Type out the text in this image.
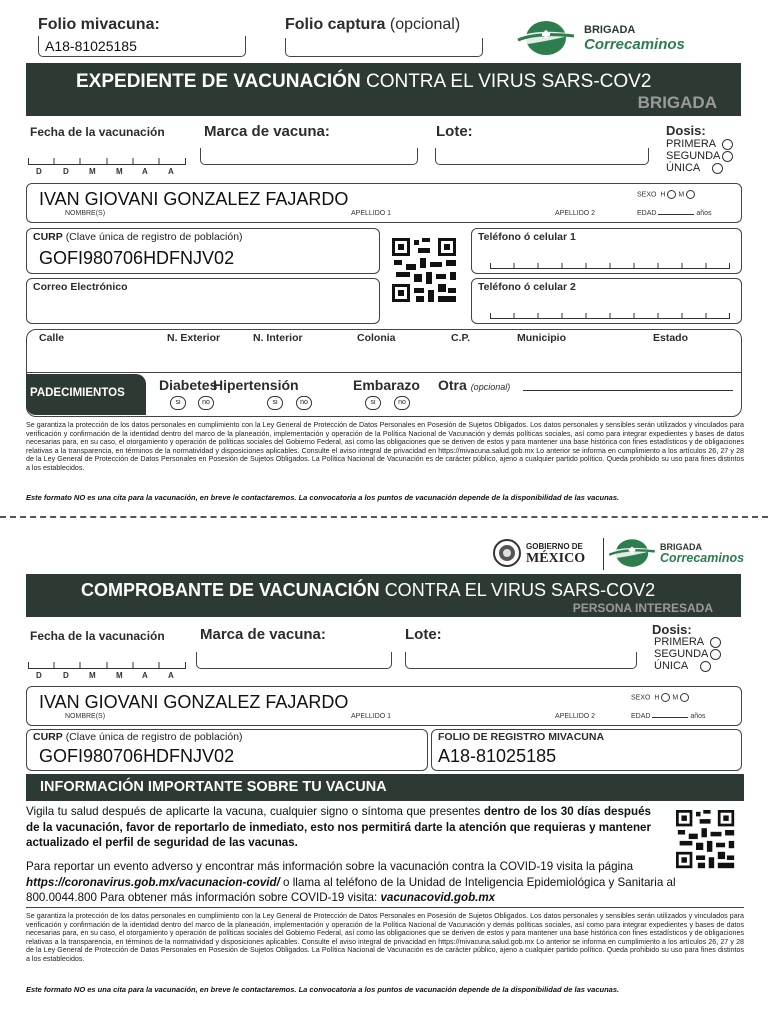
Folio mivacuna:
A18-81025185
Folio captura (opcional)	BRIGADA
Correcaminos
EXPEDIENTE DE VACUNACIÓN CONTRA EL VIRUS SARS-COV2
BRIGADA
Fecha de la vacunación
D	D	M	M A	A
Marca de vacuna:	Lote:	Dosis:
PRIMERA
SEGUNDA
ÚNICA
IVAN GIOVANI GONZALEZ FAJARDO	SEXO H M
NOMBRE(S)	APELLIDO 1	APELLIDO 2	EDAD	años
CURP (Clave única de registro de población)
GOFI980706HDFNJV02
Teléfono ó celular 1
Correo Electrónico	Teléfono ó celular 2
Calle	N. Exterior	N. Interior	Colonia	C.P.	Municipio	Estado
PADECIMIENTOS Diabetes
si	no
Hipertensión
si	no
Embarazo
si	no
Otra (opcional)
Se garantiza la protección de los datos personales en cumplimiento con la Ley General de Protección de Datos Personales en Posesión de Sujetos Obligados. Los datos personales y sensibles serán utilizados y vinculados para verificación y confirmación de la identidad dentro del marco de la planeación, implementación y operación de la Política Nacional de Vacunación y demás políticas sociales, así como para integrar expedientes y bases de datos necesarias para, en su caso, el otorgamiento y operación de políticas sociales del Gobierno Federal, así como las obligaciones que se deriven de estos y para mantener una base histórica con fines estadísticos y de obligaciones relativas a la transparencia, en términos de la normatividad y disposiciones aplicables. Consulte el aviso integral de privacidad en https://mivacuna.salud.gob.mx Lo anterior se informa en cumplimiento a los artículos 26, 27 y 28 de la Ley General de Protección de Datos Personales en Posesión de Sujetos Obligados. La Política Nacional de Vacunación es de carácter público, ajeno a cualquier partido político. Queda prohibido su uso para fines distintos a los establecidos.
Este formato NO es una cita para la vacunación, en breve le contactaremos. La convocatoria a los puntos de vacunación depende de la disponibilidad de las vacunas.
GOBIERNO DE
MÉXICO
BRIGADA
Correcaminos
COMPROBANTE DE VACUNACIÓN CONTRA EL VIRUS SARS-COV2
PERSONA INTERESADA
Fecha de la vacunación
D	D	M	M A	A
Marca de vacuna:	Lote:	Dosis:
PRIMERA
SEGUNDA
ÚNICA
IVAN GIOVANI GONZALEZ FAJARDO	SEXO H M
NOMBRE(S)	APELLIDO 1	APELLIDO 2	EDAD	años
CURP (Clave única de registro de población)
GOFI980706HDFNJV02
FOLIO DE REGISTRO MIVACUNA
A18-81025185
INFORMACIÓN IMPORTANTE SOBRE TU VACUNA
Vigila tu salud después de aplicarte la vacuna, cualquier signo o síntoma que presentes dentro de los 30 días después de la vacunación, favor de reportarlo de inmediato, esto nos permitirá darte la atención que requieras y mantener actualizado el perfil de seguridad de las vacunas.
Para reportar un evento adverso y encontrar más información sobre la vacunación contra la COVID-19 visita la página https://coronavirus.gob.mx/vacunacion-covid/ o llama al teléfono de la Unidad de Inteligencia Epidemiológica y Sanitaria al 800.0044.800 Para obtener más información sobre COVID-19 visita: vacunacovid.gob.mx
Se garantiza la protección de los datos personales en cumplimiento con la Ley General de Protección de Datos Personales en Posesión de Sujetos Obligados. Los datos personales y sensibles serán utilizados y vinculados para verificación y confirmación de la identidad dentro del marco de la planeación, implementación y operación de la Política Nacional de Vacunación y demás políticas sociales, así como para integrar expedientes y bases de datos necesarias para, en su caso, el otorgamiento y operación de políticas sociales del Gobierno Federal, así como las obligaciones que se deriven de estos y para mantener una base histórica con fines estadísticos y de obligaciones relativas a la transparencia, en términos de la normatividad y disposiciones aplicables. Consulte el aviso integral de privacidad en https://mivacuna.salud.gob.mx Lo anterior se informa en cumplimiento a los artículos 26, 27 y 28 de la Ley General de Protección de Datos Personales en Posesión de Sujetos Obligados. La Política Nacional de Vacunación es de carácter público, ajeno a cualquier partido político. Queda prohibido su uso para fines distintos a los establecidos.
Este formato NO es una cita para la vacunación, en breve le contactaremos. La convocatoria a los puntos de vacunación depende de la disponibilidad de las vacunas.
